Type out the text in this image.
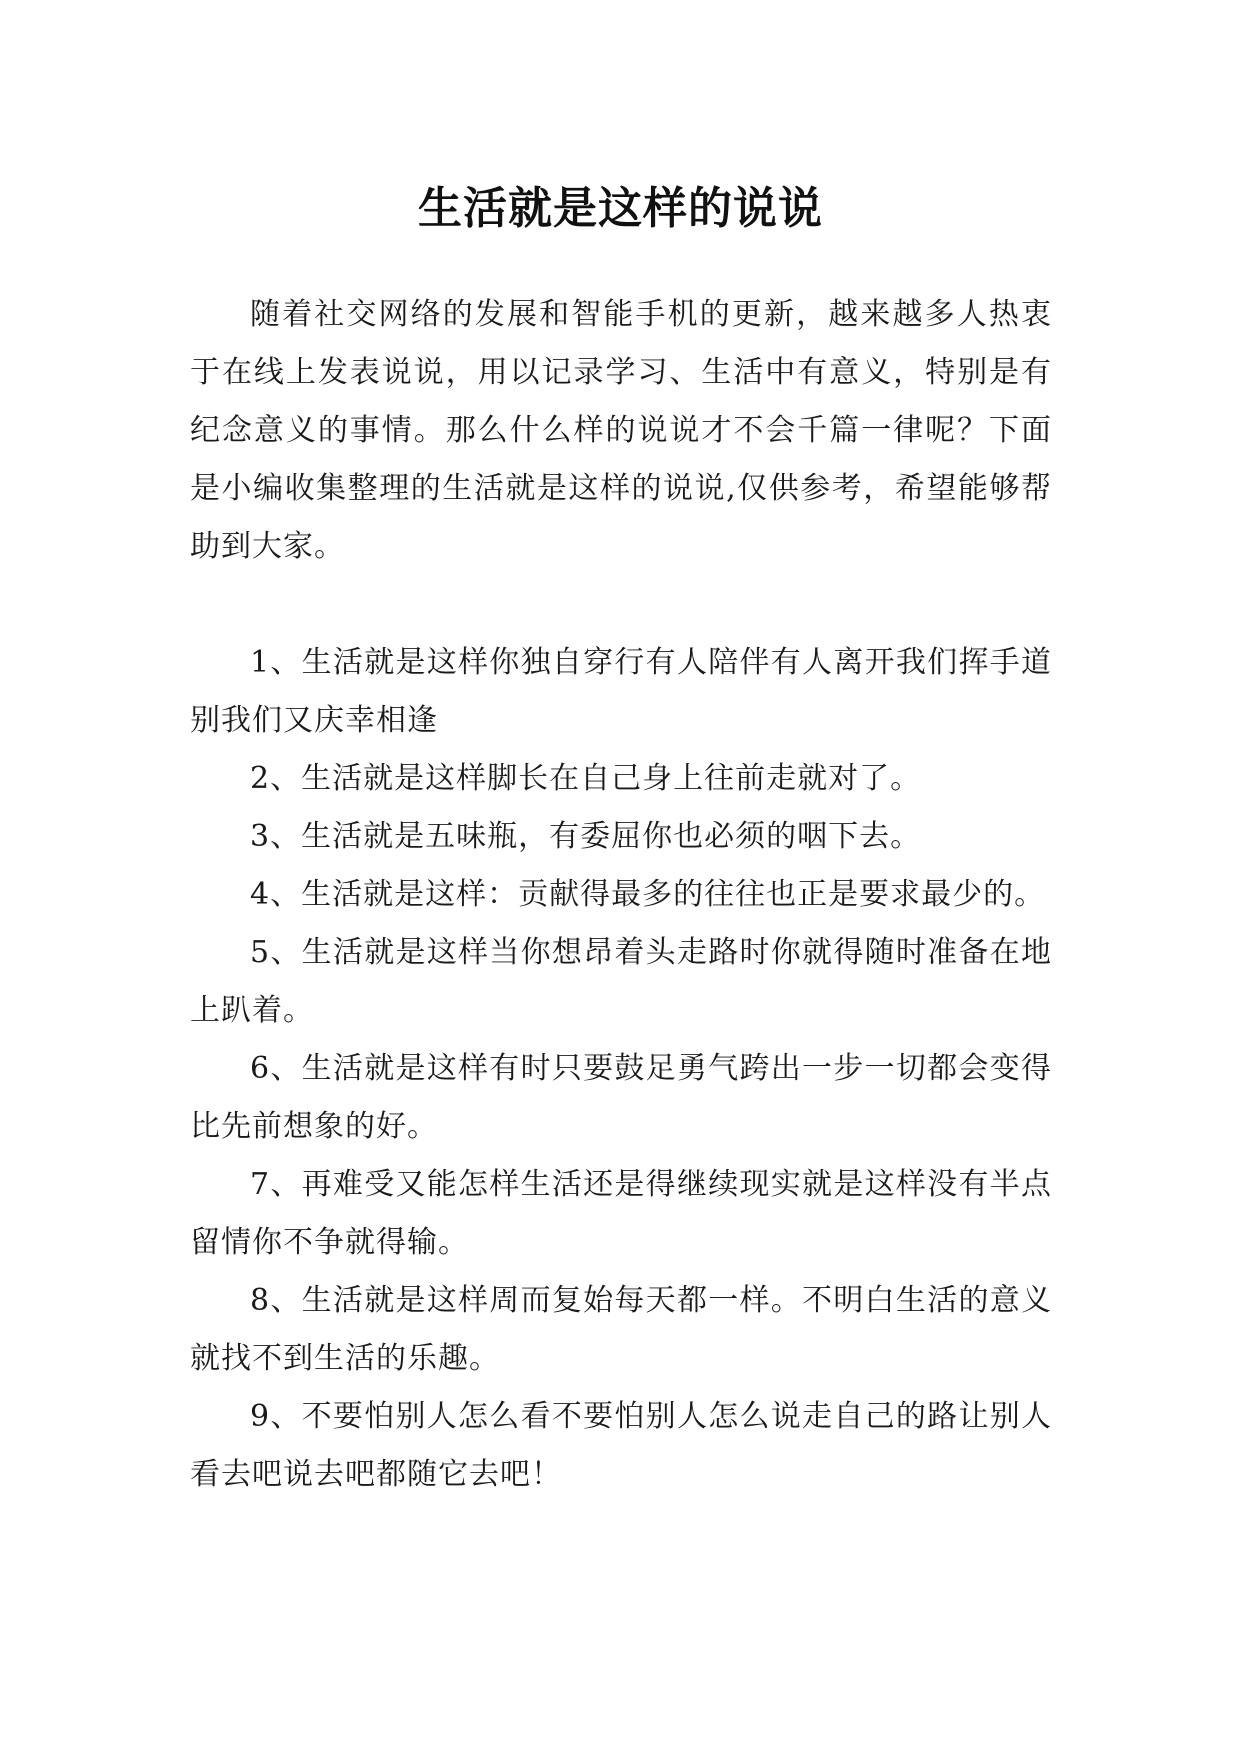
生活就是这样的说说

随着社交网络的发展和智能手机的更新，越来越多人热衷于在线上发表说说，用以记录学习、生活中有意义，特别是有纪念意义的事情。那么什么样的说说才不会千篇一律呢？下面是小编收集整理的生活就是这样的说说,仅供参考，希望能够帮助到大家。

1、生活就是这样你独自穿行有人陪伴有人离开我们挥手道别我们又庆幸相逢

2、生活就是这样脚长在自己身上往前走就对了。

3、生活就是五味瓶，有委屈你也必须的咽下去。

4、生活就是这样：贡献得最多的往往也正是要求最少的。

5、生活就是这样当你想昂着头走路时你就得随时准备在地上趴着。

6、生活就是这样有时只要鼓足勇气跨出一步一切都会变得比先前想象的好。

7、再难受又能怎样生活还是得继续现实就是这样没有半点留情你不争就得输。

8、生活就是这样周而复始每天都一样。不明白生活的意义就找不到生活的乐趣。

9、不要怕别人怎么看不要怕别人怎么说走自己的路让别人看去吧说去吧都随它去吧！
